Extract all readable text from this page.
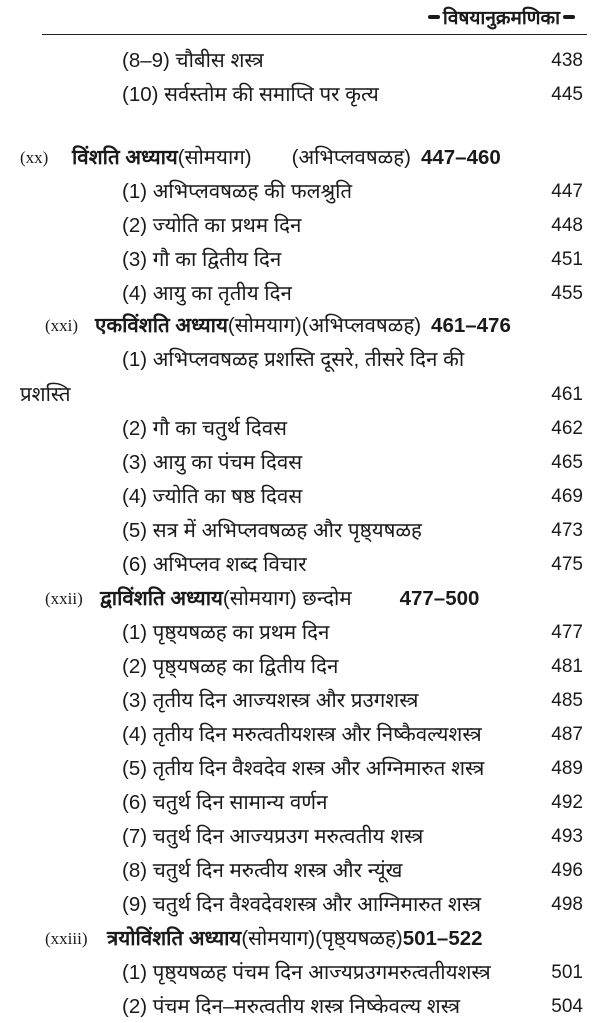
विषयानुक्रमणिका
(8–9) चौबीस शस्त्र	438
(10) सर्वस्तोम की समाप्ति पर कृत्य	445
(xx) विंशति अध्याय(सोमयाग) (अभिप्लवषळह) 447–460
(1) अभिप्लवषळह की फलश्रुति	447
(2) ज्योति का प्रथम दिन	448
(3) गौ का द्वितीय दिन	451
(4) आयु का तृतीय दिन	455
(xxi) एकविंशति अध्याय(सोमयाग)(अभिप्लवषळह) 461–476
(1) अभिप्लवषळह प्रशस्ति दूसरे, तीसरे दिन की
प्रशस्ति	461
(2) गौ का चतुर्थ दिवस	462
(3) आयु का पंचम दिवस	465
(4) ज्योति का षष्ठ दिवस	469
(5) सत्र में अभिप्लवषळह और पृष्ठ्यषळह	473
(6) अभिप्लव शब्द विचार	475
(xxii) द्वाविंशति अध्याय(सोमयाग) छन्दोम 477–500
(1) पृष्ठ्यषळह का प्रथम दिन	477
(2) पृष्ठ्यषळह का द्वितीय दिन	481
(3) तृतीय दिन आज्यशस्त्र और प्रउगशस्त्र	485
(4) तृतीय दिन मरुत्वतीयशस्त्र और निष्कैवल्यशस्त्र	487
(5) तृतीय दिन वैश्वदेव शस्त्र और अग्निमारुत शस्त्र	489
(6) चतुर्थ दिन सामान्य वर्णन	492
(7) चतुर्थ दिन आज्यप्रउग मरुत्वतीय शस्त्र	493
(8) चतुर्थ दिन मरुत्वीय शस्त्र और न्यूंख	496
(9) चतुर्थ दिन वैश्वदेवशस्त्र और आग्निमारुत शस्त्र	498
(xxiii) त्रयोविंशति अध्याय(सोमयाग)(पृष्ठ्यषळह)501–522
(1) पृष्ठ्यषळह पंचम दिन आज्यप्रउगमरुत्वतीयशस्त्र	501
(2) पंचम दिन–मरुत्वतीय शस्त्र निष्केवल्य शस्त्र	504
